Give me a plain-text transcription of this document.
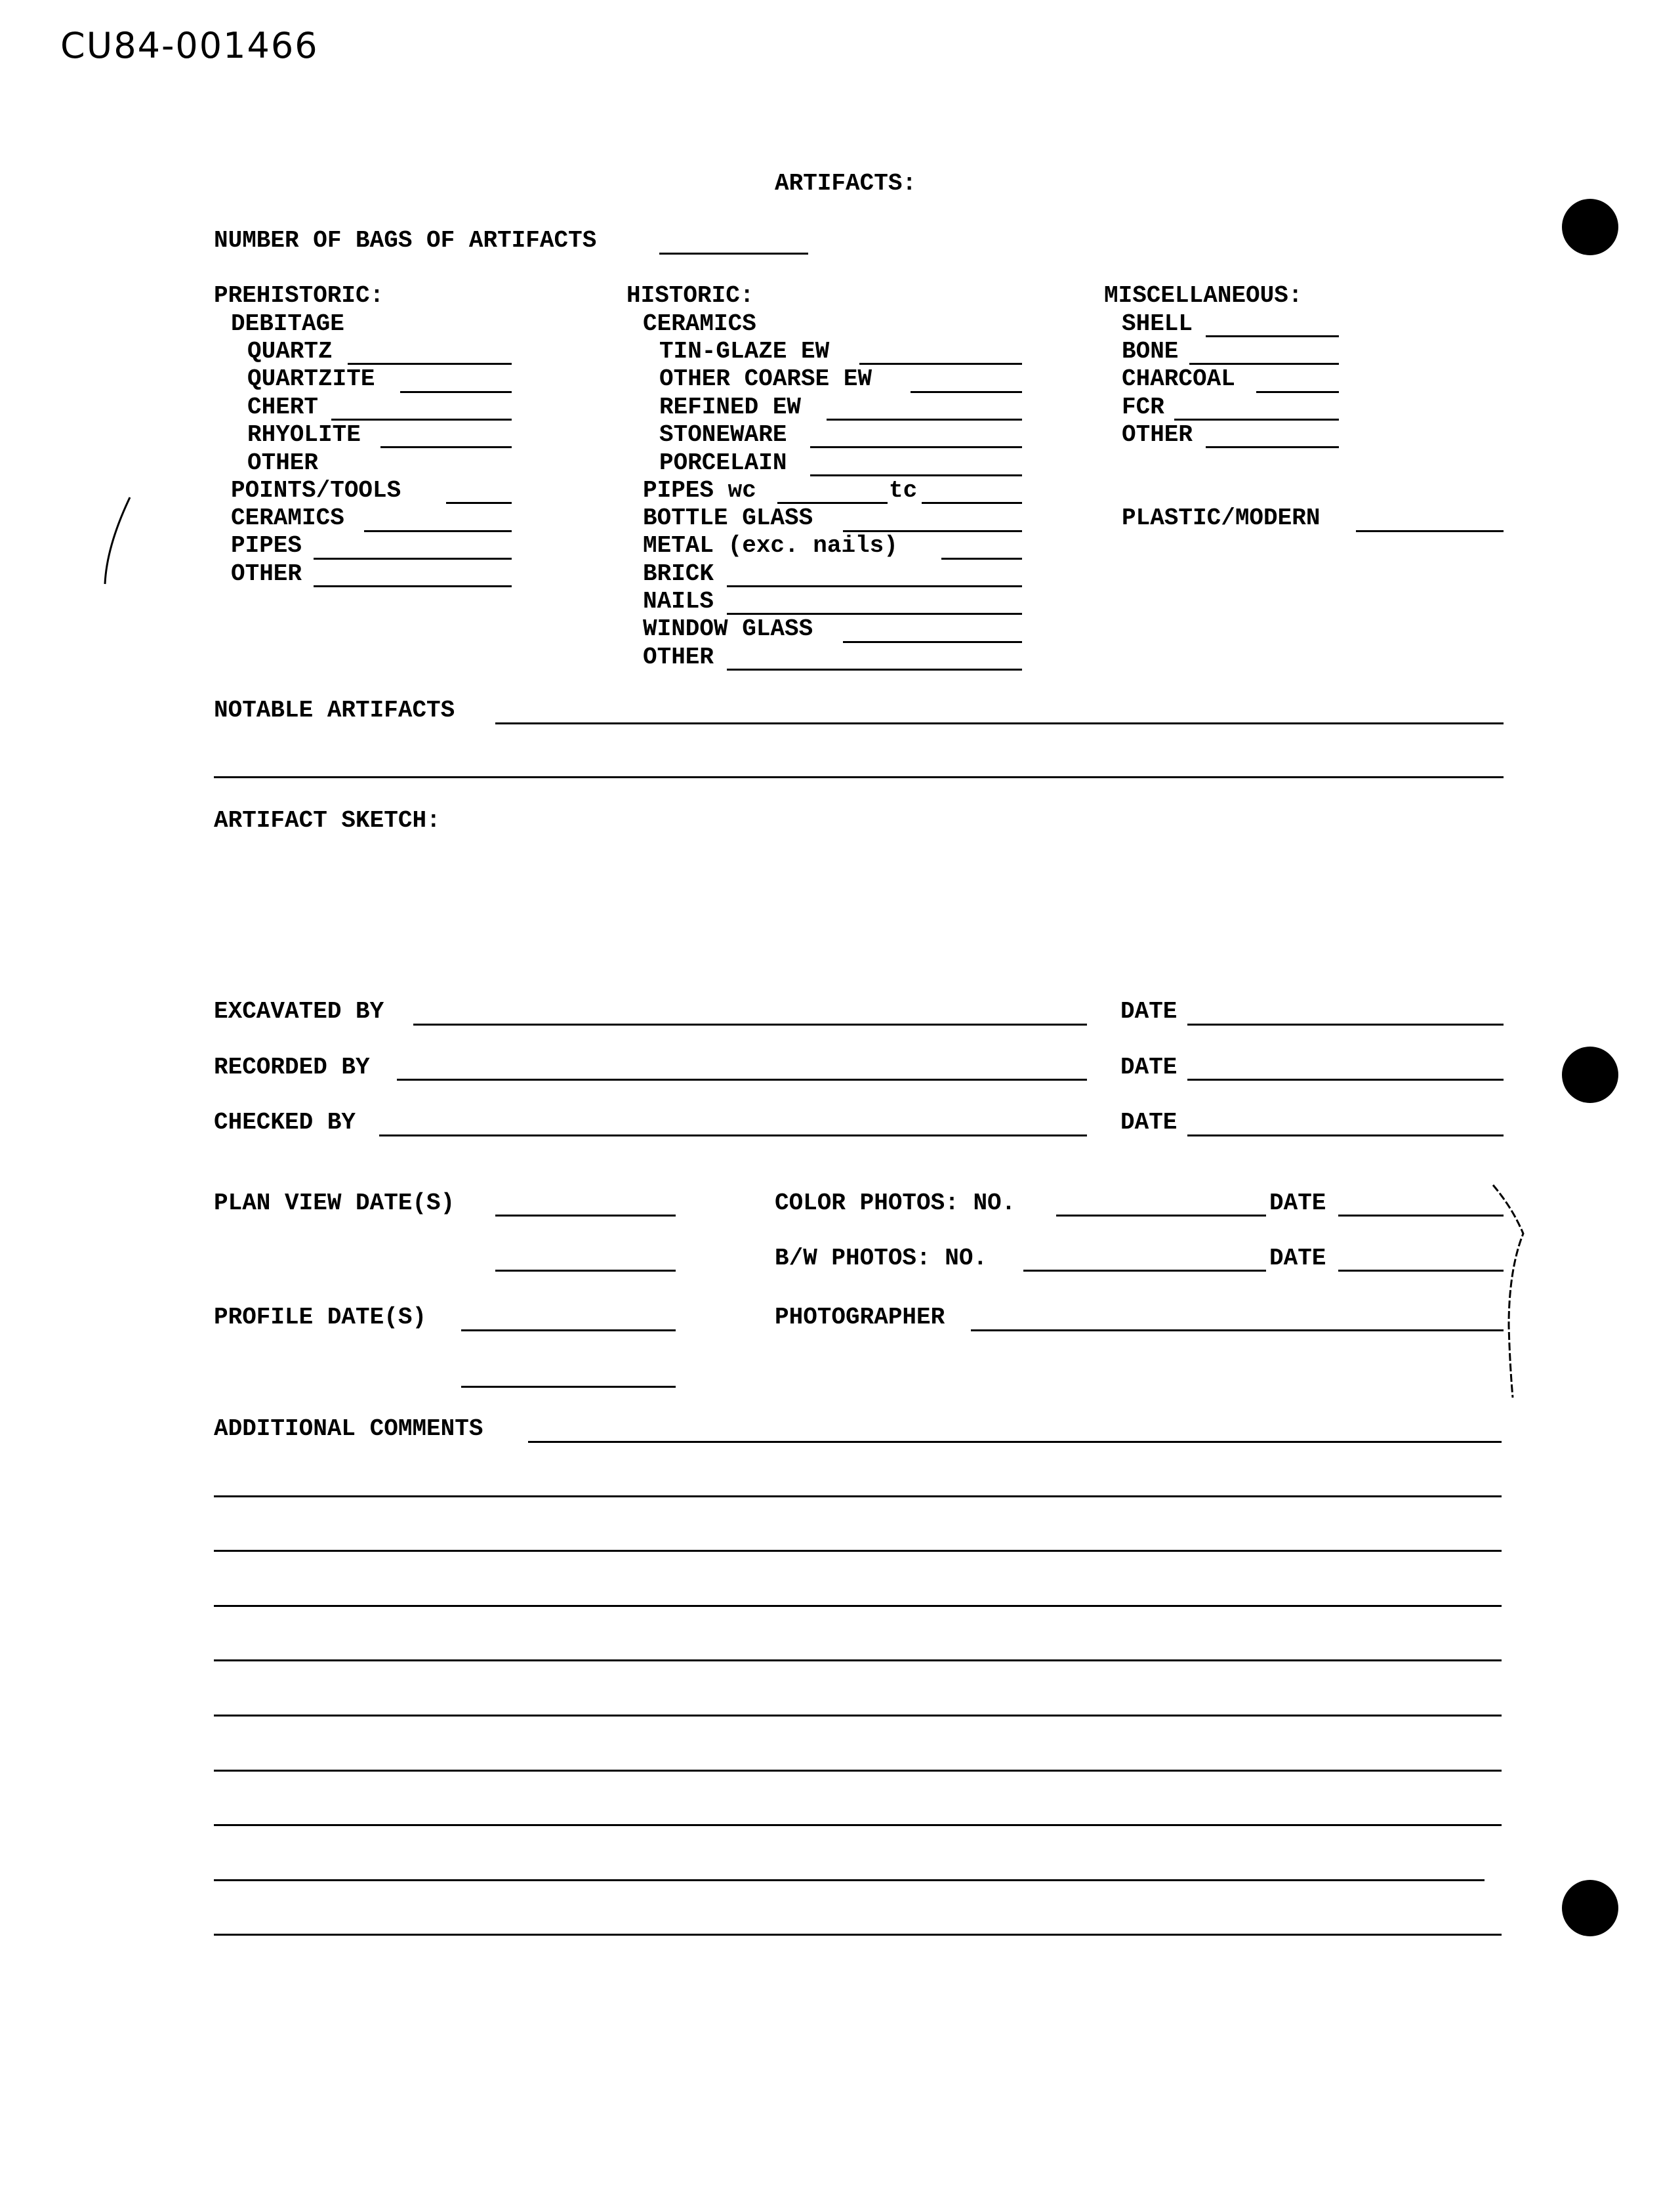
CU84-001466
ARTIFACTS:
NUMBER OF BAGS OF ARTIFACTS
PREHISTORIC:
DEBITAGE
QUARTZ
QUARTZITE
CHERT
RHYOLITE
OTHER
POINTS/TOOLS
CERAMICS
PIPES
OTHER
HISTORIC:
CERAMICS
TIN-GLAZE EW
OTHER COARSE EW
REFINED EW
STONEWARE
PORCELAIN
PIPES wc	tc
BOTTLE GLASS
METAL (exc. nails)
BRICK
NAILS
WINDOW GLASS
OTHER
MISCELLANEOUS:
SHELL
BONE
CHARCOAL
FCR
OTHER
PLASTIC/MODERN
NOTABLE ARTIFACTS
ARTIFACT SKETCH:
EXCAVATED BY	DATE
RECORDED BY	DATE
CHECKED BY	DATE
PLAN VIEW DATE(S)	COLOR PHOTOS: NO.	DATE
B/W PHOTOS: NO.	DATE
PROFILE DATE(S)	PHOTOGRAPHER
ADDITIONAL COMMENTS
